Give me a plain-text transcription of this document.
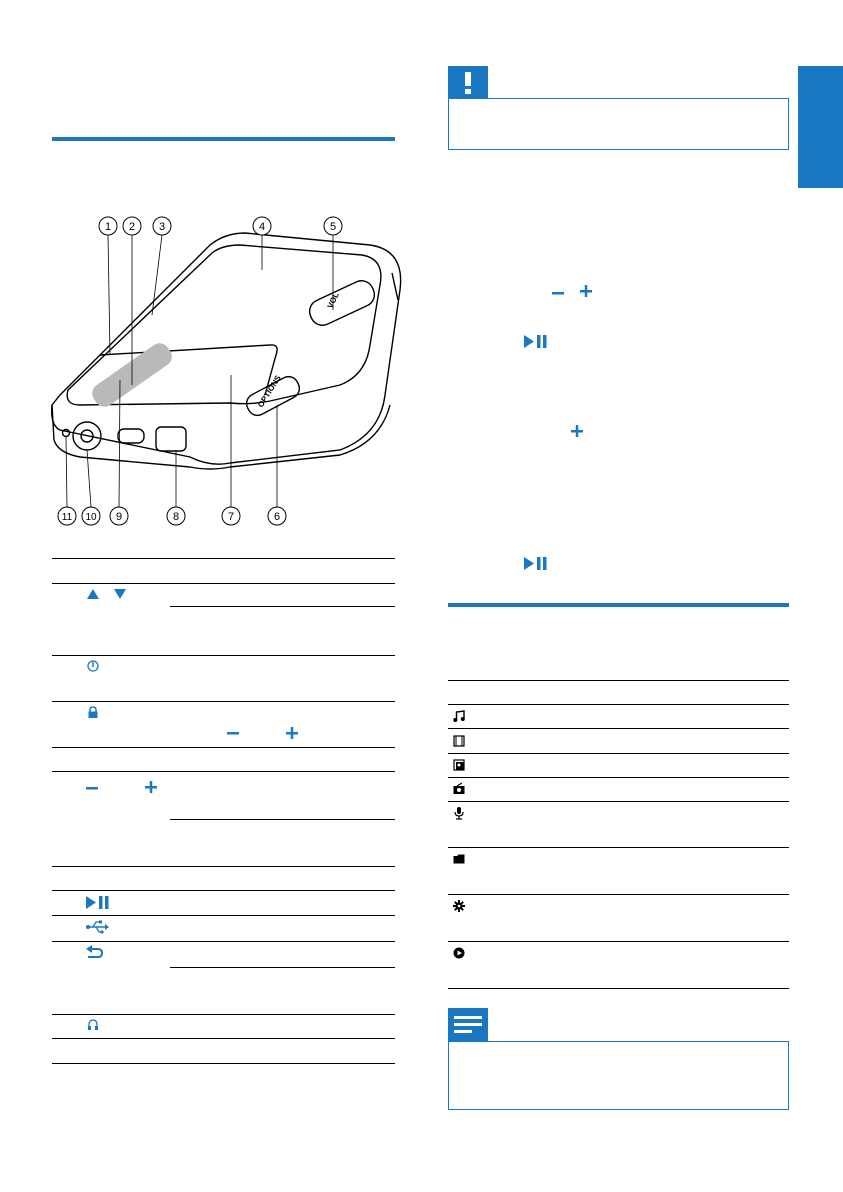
1 2 3	4	5
6
7
8
9
10
11
VOL
OPTIONS
